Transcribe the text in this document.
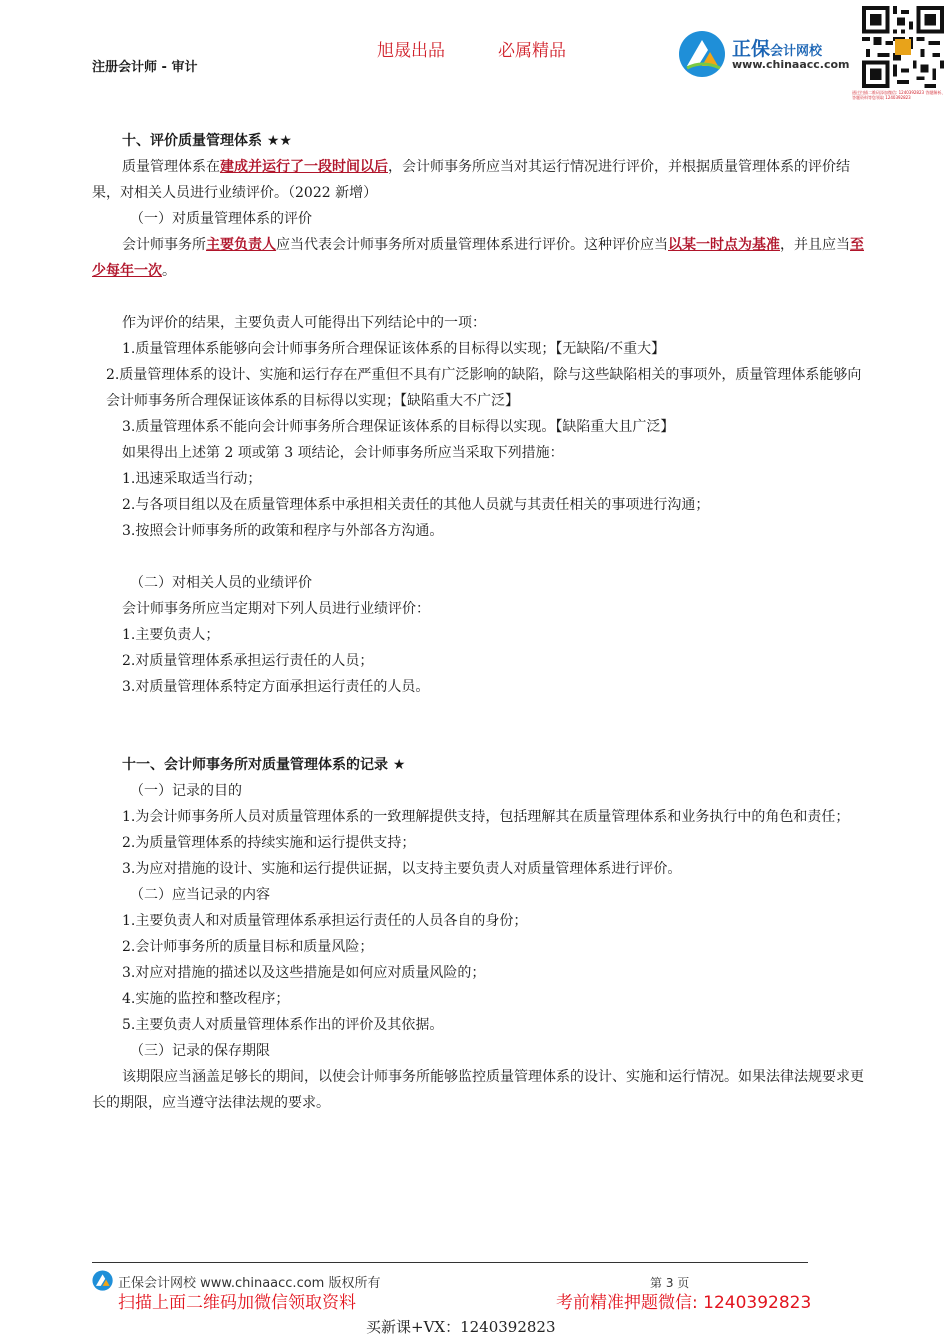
注册会计师 - 审计
旭晟出品	必属精品	正保会计网校
www.chinaacc.com
通过扫描二维码添加微信: 1240392823 答题解析、答题资料等您领取 1240392823

十、评价质量管理体系 ★★

质量管理体系在建成并运行了一段时间以后，会计师事务所应当对其运行情况进行评价，并根据质量管理体系的评价结果，对相关人员进行业绩评价。（2022 新增）

（一）对质量管理体系的评价

会计师事务所主要负责人应当代表会计师事务所对质量管理体系进行评价。这种评价应当以某一时点为基准，并且应当至少每年一次。

作为评价的结果，主要负责人可能得出下列结论中的一项：

1.质量管理体系能够向会计师事务所合理保证该体系的目标得以实现；【无缺陷/不重大】

2.质量管理体系的设计、实施和运行存在严重但不具有广泛影响的缺陷，除与这些缺陷相关的事项外，质量管理体系能够向会计师事务所合理保证该体系的目标得以实现；【缺陷重大不广泛】

3.质量管理体系不能向会计师事务所合理保证该体系的目标得以实现。【缺陷重大且广泛】

如果得出上述第 2 项或第 3 项结论，会计师事务所应当采取下列措施：

1.迅速采取适当行动；

2.与各项目组以及在质量管理体系中承担相关责任的其他人员就与其责任相关的事项进行沟通；

3.按照会计师事务所的政策和程序与外部各方沟通。

（二）对相关人员的业绩评价

会计师事务所应当定期对下列人员进行业绩评价：

1.主要负责人；

2.对质量管理体系承担运行责任的人员；

3.对质量管理体系特定方面承担运行责任的人员。

十一、会计师事务所对质量管理体系的记录 ★

（一）记录的目的

1.为会计师事务所人员对质量管理体系的一致理解提供支持，包括理解其在质量管理体系和业务执行中的角色和责任；

2.为质量管理体系的持续实施和运行提供支持；

3.为应对措施的设计、实施和运行提供证据，以支持主要负责人对质量管理体系进行评价。

（二）应当记录的内容

1.主要负责人和对质量管理体系承担运行责任的人员各自的身份；

2.会计师事务所的质量目标和质量风险；

3.对应对措施的描述以及这些措施是如何应对质量风险的；

4.实施的监控和整改程序；

5.主要负责人对质量管理体系作出的评价及其依据。

（三）记录的保存期限

该期限应当涵盖足够长的期间，以使会计师事务所能够监控质量管理体系的设计、实施和运行情况。如果法律法规要求更长的期限，应当遵守法律法规的要求。

正保会计网校 www.chinaacc.com 版权所有	第 3 页
扫描上面二维码加微信领取资料	考前精准押题微信: 1240392823
买新课+VX：1240392823
